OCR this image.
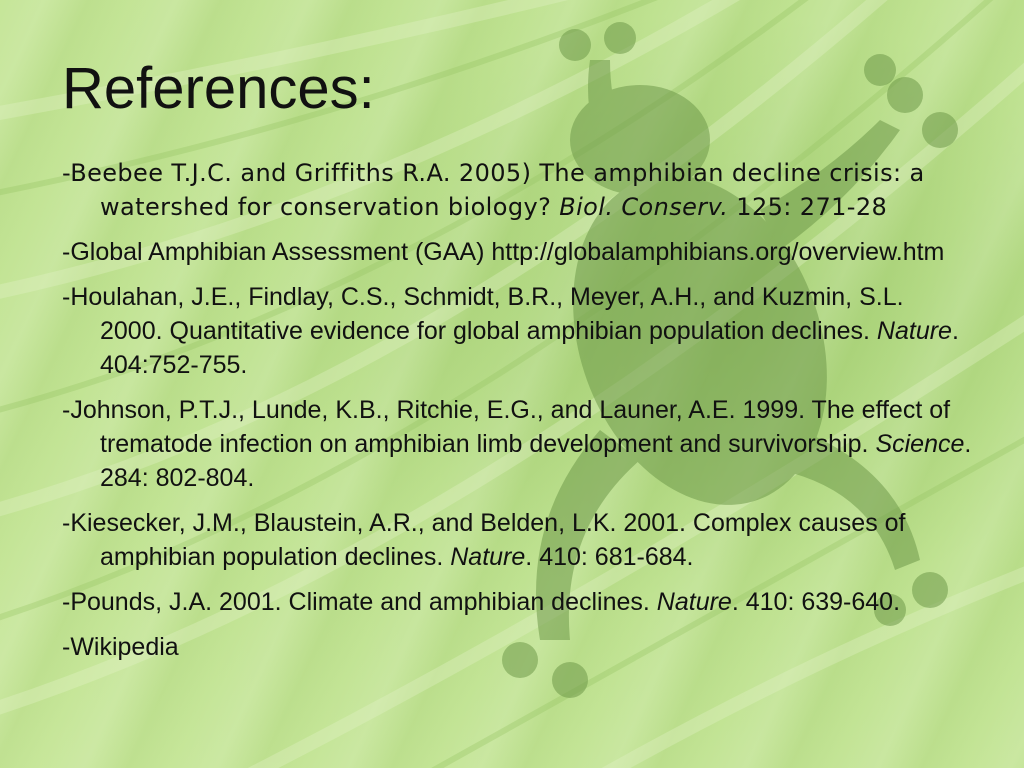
References:

-Beebee T.J.C. and Griffiths R.A. 2005) The amphibian decline crisis: a watershed for conservation biology? Biol. Conserv. 125: 271-28

-Global Amphibian Assessment (GAA) http://globalamphibians.org/overview.htm

-Houlahan, J.E., Findlay, C.S., Schmidt, B.R., Meyer, A.H., and Kuzmin, S.L. 2000. Quantitative evidence for global amphibian population declines. Nature. 404:752-755.

-Johnson, P.T.J., Lunde, K.B., Ritchie, E.G., and Launer, A.E. 1999. The effect of trematode infection on amphibian limb development and survivorship. Science. 284: 802-804.

-Kiesecker, J.M., Blaustein, A.R., and Belden, L.K. 2001. Complex causes of amphibian population declines. Nature. 410: 681-684.

-Pounds, J.A. 2001. Climate and amphibian declines. Nature. 410: 639-640.

-Wikipedia
